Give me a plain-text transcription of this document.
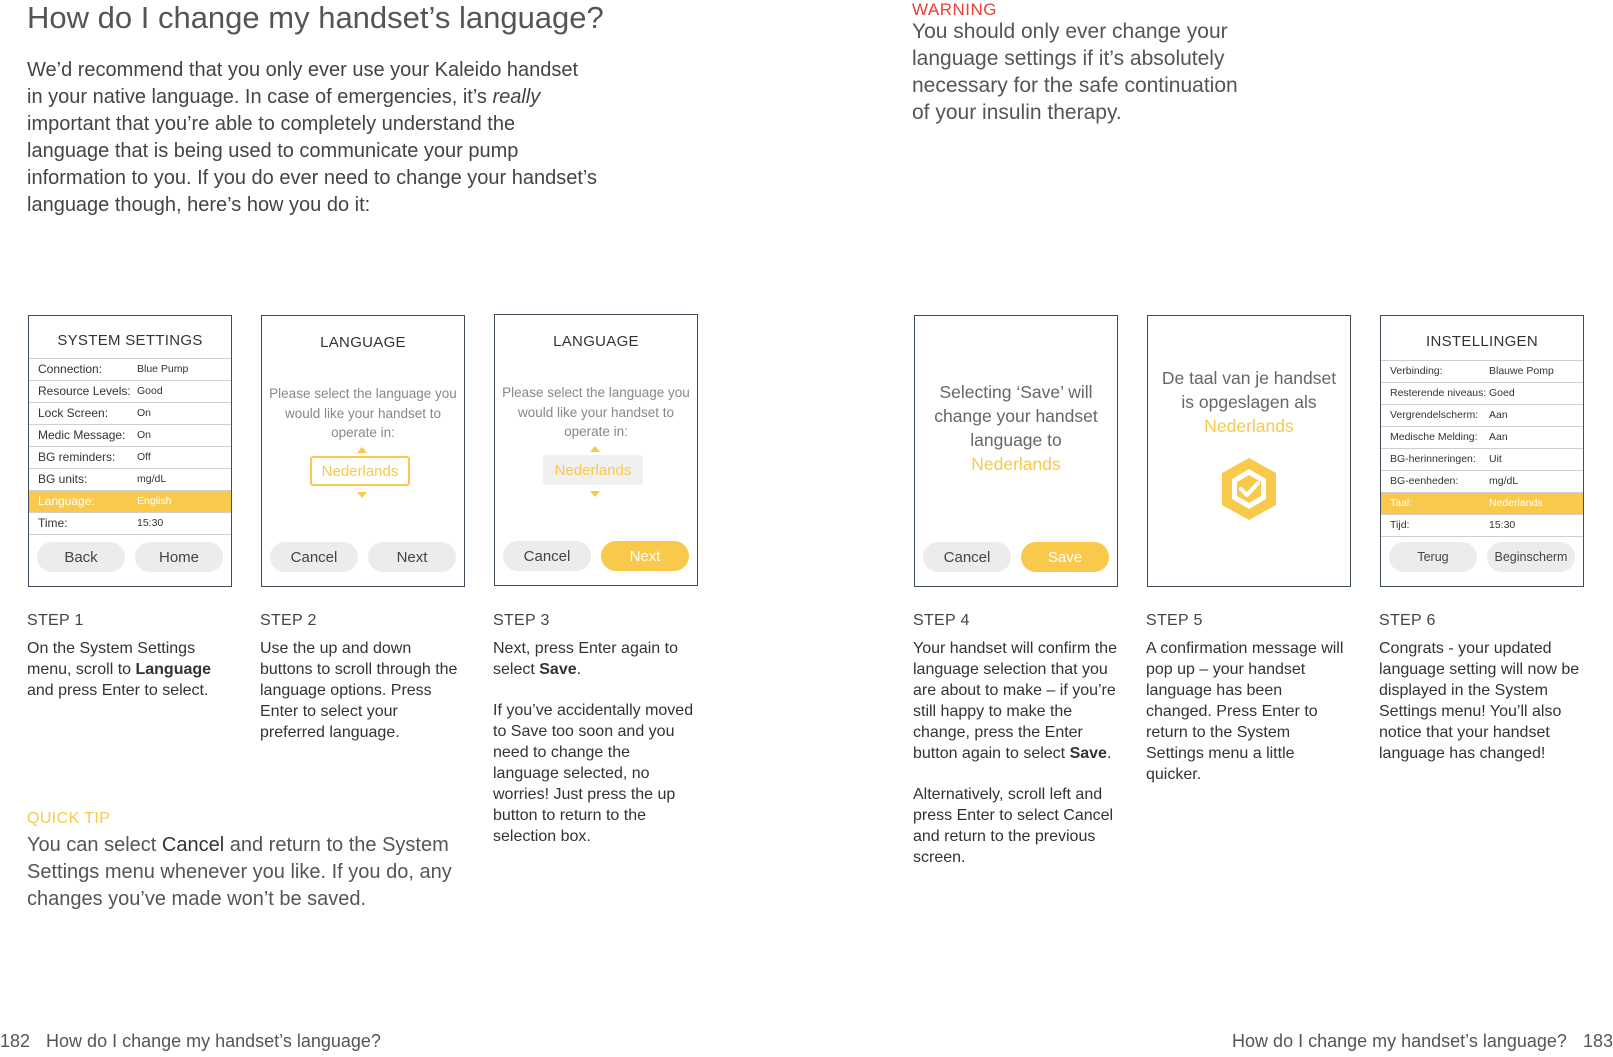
How do I change my handset’s language?
We’d recommend that you only ever use your Kaleido handset in your native language. In case of emergencies, it’s really important that you’re able to completely understand the language that is being used to communicate your pump information to you. If you do ever need to change your handset’s language though, here’s how you do it:
WARNING
You should only ever change your language settings if it’s absolutely necessary for the safe continuation of your insulin therapy.
SYSTEM SETTINGS
Connection:	Blue Pump
Resource Levels: Good
Lock Screen:	On
Medic Message: On
BG reminders: Off
BG units:	mg/dL
Language:	English
Time:	15:30
Back	Home
LANGUAGE
Please select the language you would like your handset to operate in:
Nederlands
Cancel	Next
LANGUAGE
Please select the language you would like your handset to operate in:
Nederlands
Cancel	Next
Selecting ‘Save’ will change your handset language to
Nederlands
Cancel	Save
De taal van je handset is opgeslagen als
Nederlands
INSTELLINGEN
Verbinding:	Blauwe Pomp
Resterende niveaus: Goed
Vergrendelscherm: Aan
Medische Melding: Aan
BG-herinneringen: Uit
BG-eenheden:	mg/dL
Taal:	Nederlands
Tijd:	15:30
Terug	Beginscherm
STEP 1
On the System Settings menu, scroll to Language and press Enter to select.
STEP 2
Use the up and down buttons to scroll through the language options. Press Enter to select your preferred language.
STEP 3

Next, press Enter again to select Save.

If you’ve accidentally moved to Save too soon and you need to change the language selected, no worries! Just press the up button to return to the selection box.

STEP 4

Your handset will confirm the language selection that you are about to make – if you’re still happy to make the change, press the Enter button again to select Save.

Alternatively, scroll left and press Enter to select Cancel and return to the previous screen.

STEP 5
A confirmation message will pop up – your handset language has been changed. Press Enter to return to the System Settings menu a little quicker.
STEP 6
Congrats - your updated language setting will now be displayed in the System Settings menu! You’ll also notice that your handset language has changed!
QUICK TIP
You can select Cancel and return to the System Settings menu whenever you like. If you do, any changes you’ve made won’t be saved.
182 How do I change my handset’s language?	How do I change my handset’s language? 183
